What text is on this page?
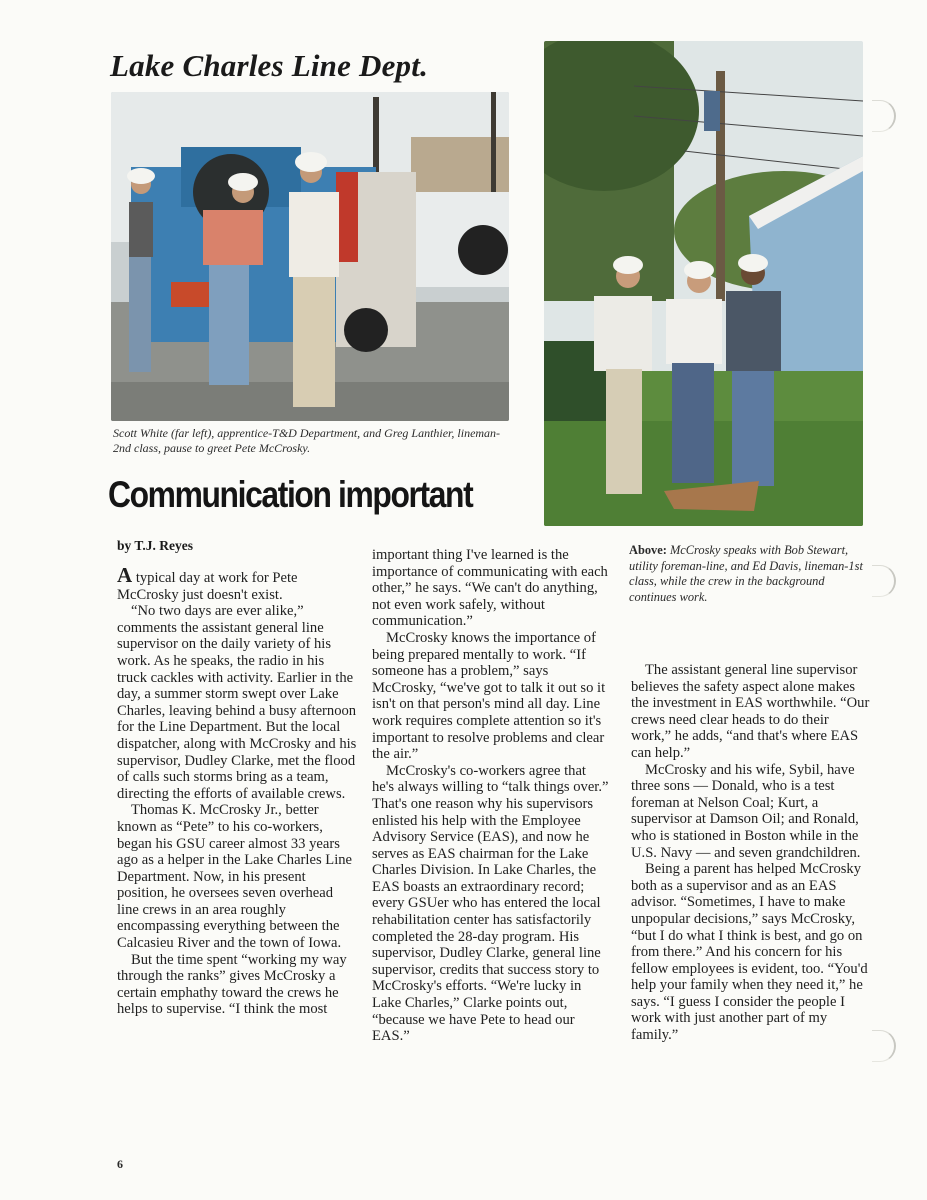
Lake Charles Line Dept.
Scott White (far left), apprentice-T&D Department, and Greg Lanthier, lineman-2nd class, pause to greet Pete McCrosky.
Communication important
by T.J. Reyes

A typical day at work for Pete McCrosky just doesn't exist.

“No two days are ever alike,” comments the assistant general line supervisor on the daily variety of his work. As he speaks, the radio in his truck cackles with activity. Earlier in the day, a summer storm swept over Lake Charles, leaving behind a busy afternoon for the Line Department. But the local dispatcher, along with McCrosky and his supervisor, Dudley Clarke, met the flood of calls such storms bring as a team, directing the efforts of available crews.

Thomas K. McCrosky Jr., better known as “Pete” to his co-workers, began his GSU career almost 33 years ago as a helper in the Lake Charles Line Department. Now, in his present position, he oversees seven overhead line crews in an area roughly encompassing everything between the Calcasieu River and the town of Iowa.

But the time spent “working my way through the ranks” gives McCrosky a certain emphathy toward the crews he helps to supervise. “I think the most

important thing I've learned is the importance of communicating with each other,” he says. “We can't do anything, not even work safely, without communication.”

McCrosky knows the importance of being prepared mentally to work. “If someone has a problem,” says McCrosky, “we've got to talk it out so it isn't on that person's mind all day. Line work requires complete attention so it's important to resolve problems and clear the air.”

McCrosky's co-workers agree that he's always willing to “talk things over.” That's one reason why his supervisors enlisted his help with the Employee Advisory Service (EAS), and now he serves as EAS chairman for the Lake Charles Division. In Lake Charles, the EAS boasts an extraordinary record; every GSUer who has entered the local rehabilitation center has satisfactorily completed the 28-day program. His supervisor, Dudley Clarke, general line supervisor, credits that success story to McCrosky's efforts. “We're lucky in Lake Charles,” Clarke points out, “because we have Pete to head our EAS.”

Above: McCrosky speaks with Bob Stewart, utility foreman-line, and Ed Davis, lineman-1st class, while the crew in the background continues work.

The assistant general line supervisor believes the safety aspect alone makes the investment in EAS worthwhile. “Our crews need clear heads to do their work,” he adds, “and that's where EAS can help.”

McCrosky and his wife, Sybil, have three sons — Donald, who is a test foreman at Nelson Coal; Kurt, a supervisor at Damson Oil; and Ronald, who is stationed in Boston while in the U.S. Navy — and seven grandchildren.

Being a parent has helped McCrosky both as a supervisor and as an EAS advisor. “Sometimes, I have to make unpopular decisions,” says McCrosky, “but I do what I think is best, and go on from there.” And his concern for his fellow employees is evident, too. “You'd help your family when they need it,” he says. “I guess I consider the people I work with just another part of my family.”

6
